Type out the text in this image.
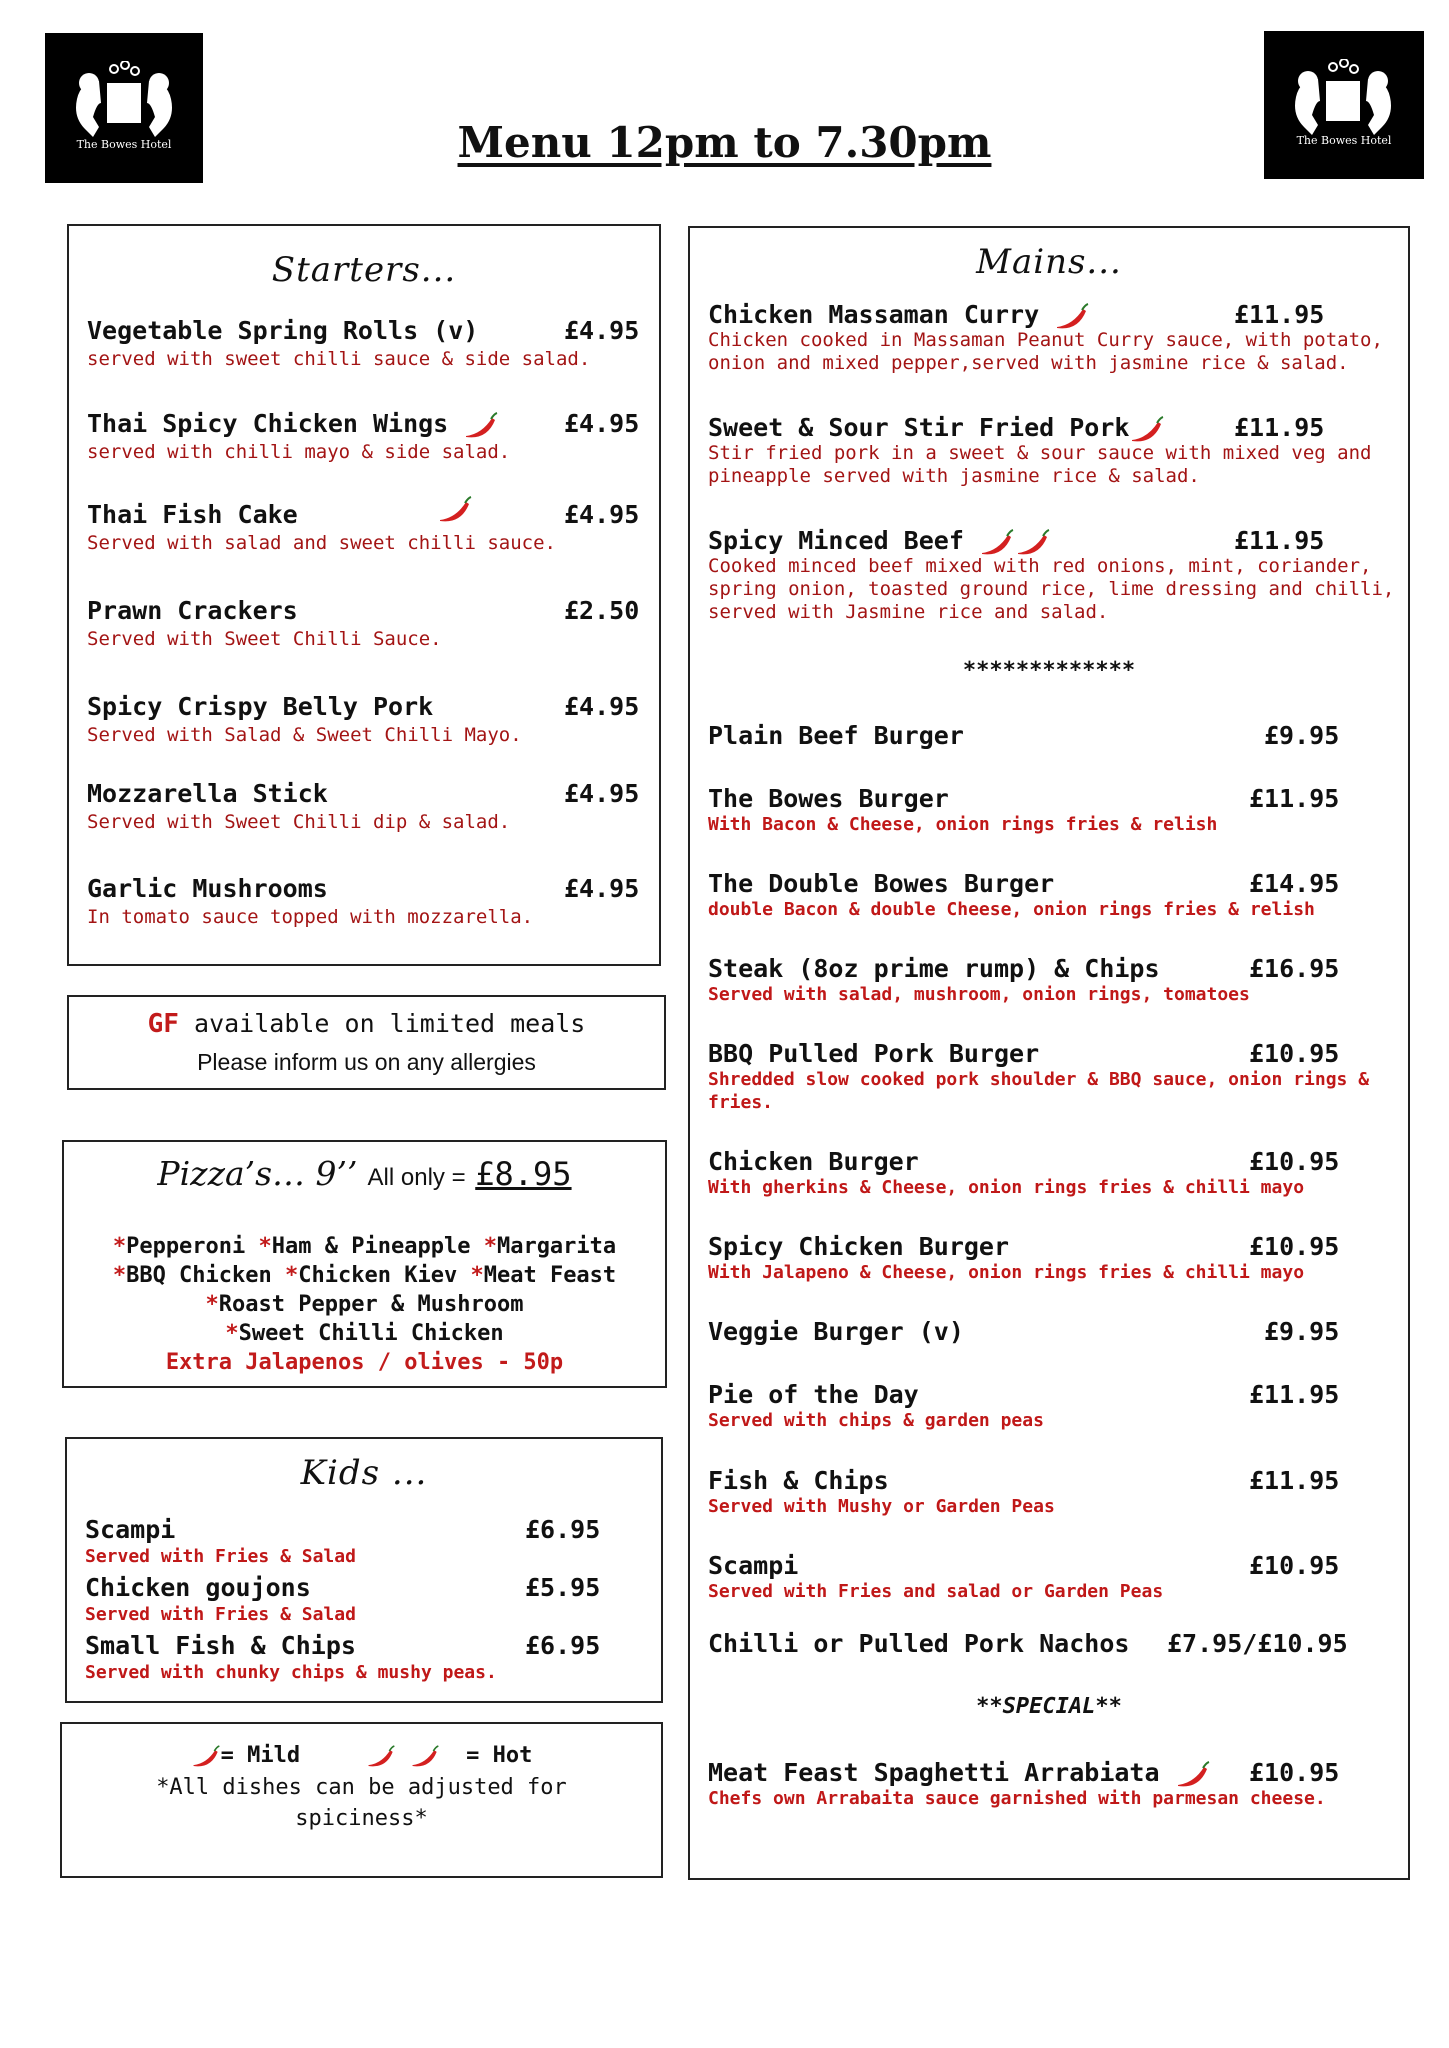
The Bowes Hotel	The Bowes Hotel
Menu 12pm to 7.30pm
Starters...
Vegetable Spring Rolls (v)	£4.95
served with sweet chilli sauce & side salad.
Thai Spicy Chicken Wings	£4.95
served with chilli mayo & side salad.
Thai Fish Cake	£4.95
Served with salad and sweet chilli sauce.
Prawn Crackers	£2.50
Served with Sweet Chilli Sauce.
Spicy Crispy Belly Pork	£4.95
Served with Salad & Sweet Chilli Mayo.
Mozzarella Stick	£4.95
Served with Sweet Chilli dip & salad.
Garlic Mushrooms	£4.95
In tomato sauce topped with mozzarella.
GF available on limited meals
Please inform us on any allergies
Pizza’s… 9’’ All only = £8.95
*Pepperoni *Ham & Pineapple *Margarita
*BBQ Chicken *Chicken Kiev *Meat Feast
*Roast Pepper & Mushroom
*Sweet Chilli Chicken
Extra Jalapenos / olives - 50p
Kids ...
Scampi	£6.95
Served with Fries & Salad
Chicken goujons	£5.95
Served with Fries & Salad
Small Fish & Chips	£6.95
Served with chunky chips & mushy peas.
= Mild	= Hot
*All dishes can be adjusted for
spiciness*
Mains...
Chicken Massaman Curry	£11.95
Chicken cooked in Massaman Peanut Curry sauce, with potato,
onion and mixed pepper,served with jasmine rice & salad.
Sweet & Sour Stir Fried Pork	£11.95
Stir fried pork in a sweet & sour sauce with mixed veg and
pineapple served with jasmine rice & salad.
Spicy Minced Beef	£11.95
Cooked minced beef mixed with red onions, mint, coriander,
spring onion, toasted ground rice, lime dressing and chilli,
served with Jasmine rice and salad.
*************
Plain Beef Burger	£9.95
The Bowes Burger	£11.95
With Bacon & Cheese, onion rings fries & relish
The Double Bowes Burger	£14.95
double Bacon & double Cheese, onion rings fries & relish
Steak (8oz prime rump) & Chips	£16.95
Served with salad, mushroom, onion rings, tomatoes
BBQ Pulled Pork Burger	£10.95
Shredded slow cooked pork shoulder & BBQ sauce, onion rings &
fries.
Chicken Burger	£10.95
With gherkins & Cheese, onion rings fries & chilli mayo
Spicy Chicken Burger	£10.95
With Jalapeno & Cheese, onion rings fries & chilli mayo
Veggie Burger (v)	£9.95
Pie of the Day	£11.95
Served with chips & garden peas
Fish & Chips	£11.95
Served with Mushy or Garden Peas
Scampi	£10.95
Served with Fries and salad or Garden Peas
Chilli or Pulled Pork Nachos £7.95/£10.95
**SPECIAL**
Meat Feast Spaghetti Arrabiata	£10.95
Chefs own Arrabaita sauce garnished with parmesan cheese.
